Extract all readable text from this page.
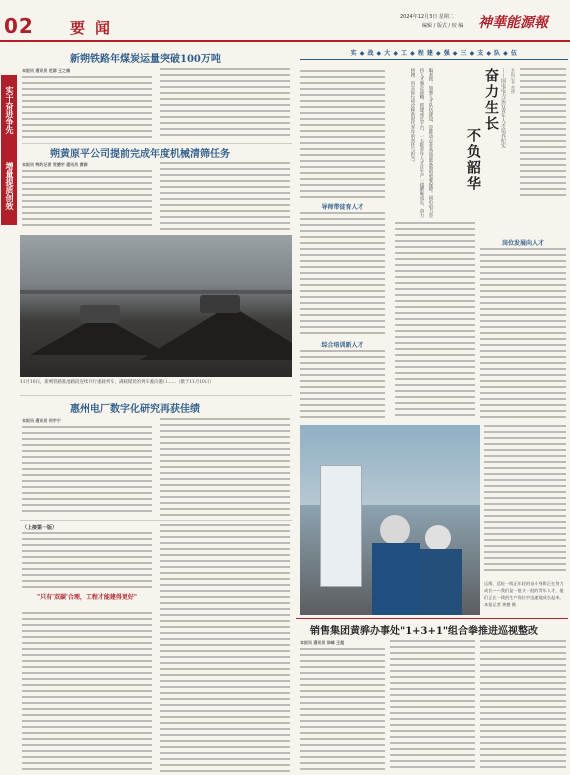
02 要闻
2024年12月3日 星期二
编辑 / 版式 / 校 编 神華能源報
实干奋进争先
增量提质创效
新朔铁路年煤炭运量突破100万吨
本报讯 通讯员 范源 王之楠
朔黄原平公司提前完成年度机械清筛任务
本报讯 特约记者 党德宇 通讯员 黄群
11月10日，新朔铁路准池路段连续开行重载列车，满载煤炭的列车驶向港口……（摄于11月10日）
惠州电厂数字化研究再获佳绩
本报讯 通讯员 何宇宁
（上接第一版）
"只有'双碳'合理，工程才能建得更好"
实 ◆ 战 ◆ 大 ◆ 工 ◆ 程 建 ◆ 强 ◆ 三 ◆ 支 ◆ 队 ◆ 伍
编者按：加强人才队伍建设，是推动企业高质量发展的重要保障。国电电力坚持人才强企战略，搭建成长平台，一大批青年人才在生产一线磨砺成长、奋力拼搏，用实际行动诠释新时代青年的责任与担当。	奋力生长
不负韶华
——国电电力运行青年人才培养纪实 本报记者 黄德
导师带徒育人才
综合培训新人才
岗位发展向人才
运维、巡检一线正年轻的奋斗身影正在努力成长——我们是一批又一批的青年人才，他们正在一线的生产岗位中迅速地成长起来。本报记者 黄德 摄
销售集团黄骅办事处"1+3+1"组合拳推进巡视整改
本报讯 通讯员 徐峰 王超
